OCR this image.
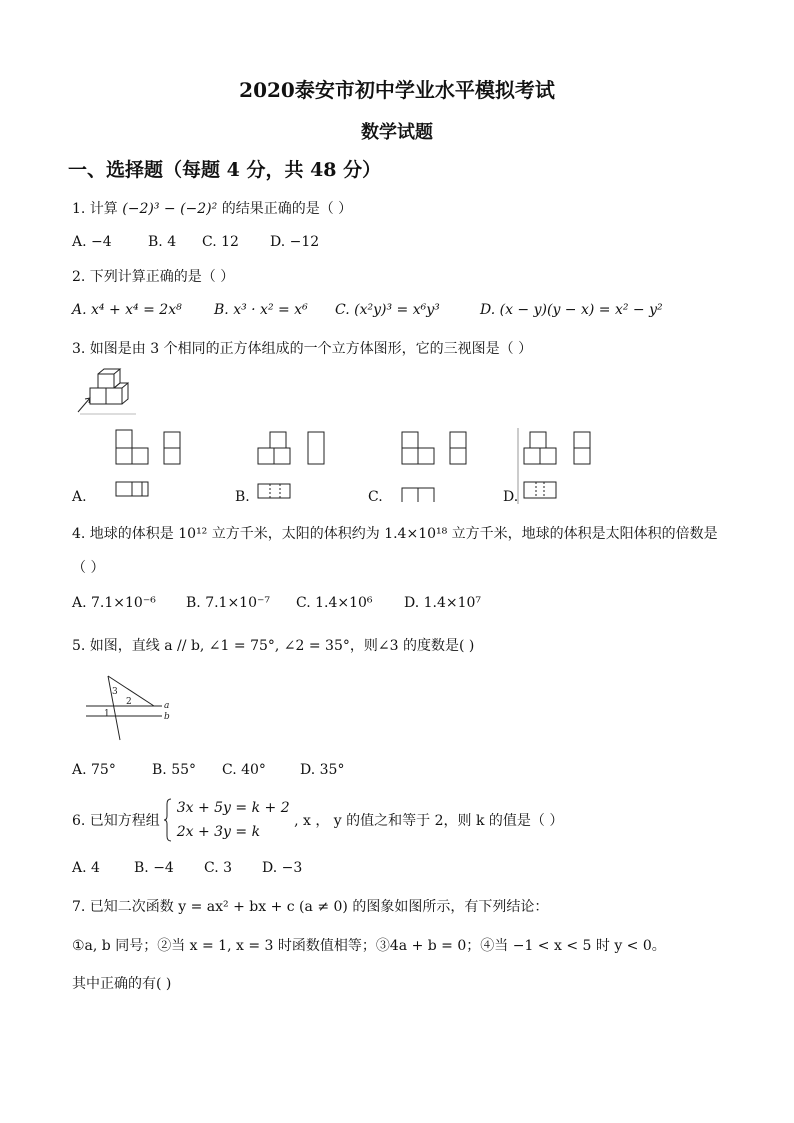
2020泰安市初中学业水平模拟考试
数学试题
一、选择题（每题 4 分，共 48 分）
1. 计算 (−2)³ − (−2)² 的结果正确的是（ ）
A. −4	B. 4 C. 12 D. −12
2. 下列计算正确的是（ ）
A. x⁴ + x⁴ = 2x⁸ B. x³ · x² = x⁶ C. (x²y)³ = x⁶y³	D. (x − y)(y − x) = x² − y²
3. 如图是由 3 个相同的正方体组成的一个立方体图形，它的三视图是（ ）
A.	B.	C.	D.
4. 地球的体积是 10¹² 立方千米，太阳的体积约为 1.4×10¹⁸ 立方千米，地球的体积是太阳体积的倍数是
（ ）
A. 7.1×10⁻⁶ B. 7.1×10⁻⁷ C. 1.4×10⁶ D. 1.4×10⁷
5. 如图，直线 a // b, ∠1 = 75°, ∠2 = 35°，则∠3 的度数是( )
3
2
1
a
b
A. 75°	B. 55° C. 40° D. 35°
6. 已知方程组
3x + 5y = k + 2
2x + 3y = k
, x ， y 的值之和等于 2，则 k 的值是（ ）
A. 4 B. −4 C. 3 D. −3
7. 已知二次函数 y = ax² + bx + c (a ≠ 0) 的图象如图所示，有下列结论：
①a, b 同号；②当 x = 1, x = 3 时函数值相等；③4a + b = 0；④当 −1 < x < 5 时 y < 0。
其中正确的有( )
